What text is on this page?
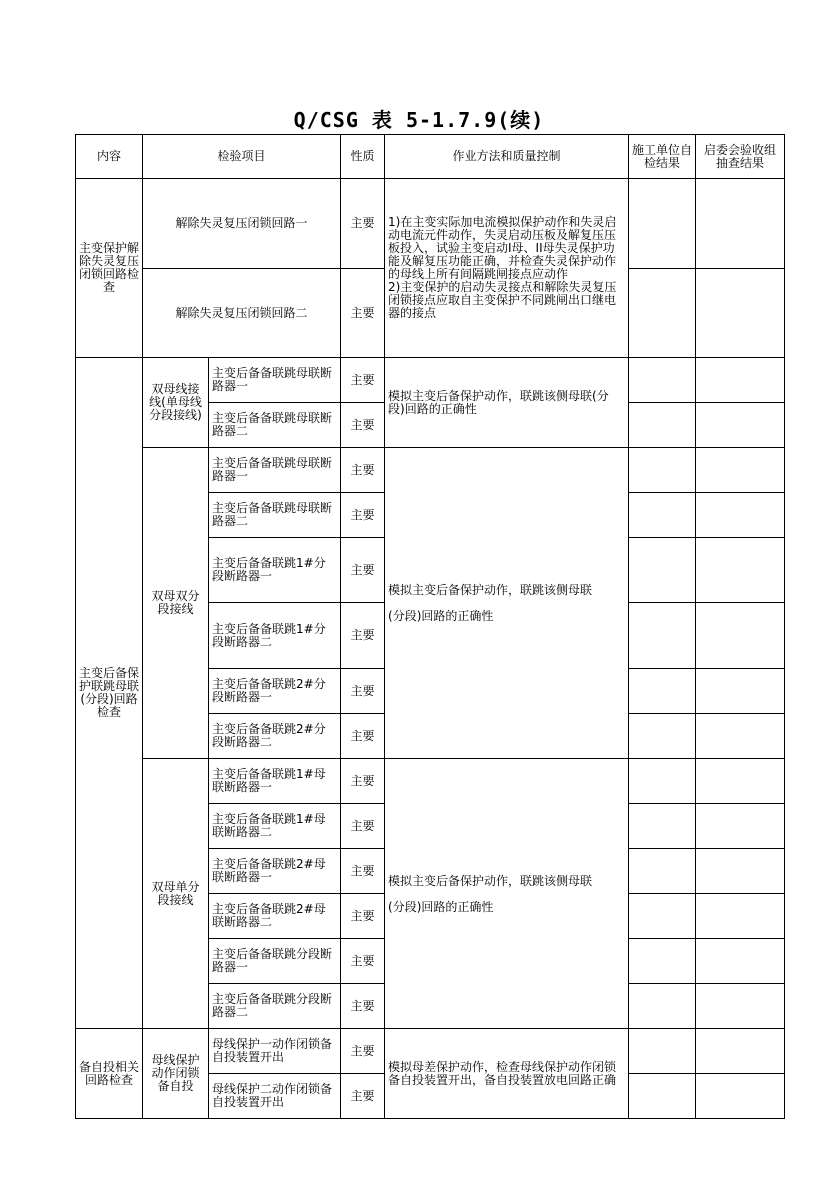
Q/CSG 表 5-1.7.9(续)
内容	检验项目		性质	作业方法和质量控制	施工单位自检结果	启委会验收组抽查结果
主变保护解除失灵复压闭锁回路检查	解除失灵复压闭锁回路一		主要	1)在主变实际加电流模拟保护动作和失灵启动电流元件动作，失灵启动压板及解复压压板投入，试验主变启动I母、II母失灵保护功能及解复压功能正确，并检查失灵保护动作的母线上所有间隔跳闸接点应动作
2)主变保护的启动失灵接点和解除失灵复压闭锁接点应取自主变保护不同跳闸出口继电器的接点		
	解除失灵复压闭锁回路二		主要			
主变后备保护联跳母联(分段)回路检查	双母线接线(单母线分段接线)	主变后备备联跳母联断路器一	主要	模拟主变后备保护动作，联跳该侧母联(分段)回路的正确性		
		主变后备备联跳母联断路器二	主要			
	双母双分段接线	主变后备备联跳母联断路器一	主要	模拟主变后备保护动作，联跳该侧母联
(分段)回路的正确性		
		主变后备备联跳母联断路器二	主要			
		主变后备备联跳1#分段断路器一	主要			
		主变后备备联跳1#分段断路器二	主要			
		主变后备备联跳2#分段断路器一	主要			
		主变后备备联跳2#分段断路器二	主要			
	双母单分段接线	主变后备备联跳1#母联断路器一	主要	模拟主变后备保护动作，联跳该侧母联
(分段)回路的正确性		
		主变后备备联跳1#母联断路器二	主要			
		主变后备备联跳2#母联断路器一	主要			
		主变后备备联跳2#母联断路器二	主要			
		主变后备备联跳分段断路器一	主要			
		主变后备备联跳分段断路器二	主要			
备自投相关回路检查	母线保护动作闭锁备自投	母线保护一动作闭锁备自投装置开出	主要	模拟母差保护动作，检查母线保护动作闭锁备自投装置开出，备自投装置放电回路正确		
		母线保护二动作闭锁备自投装置开出	主要			
